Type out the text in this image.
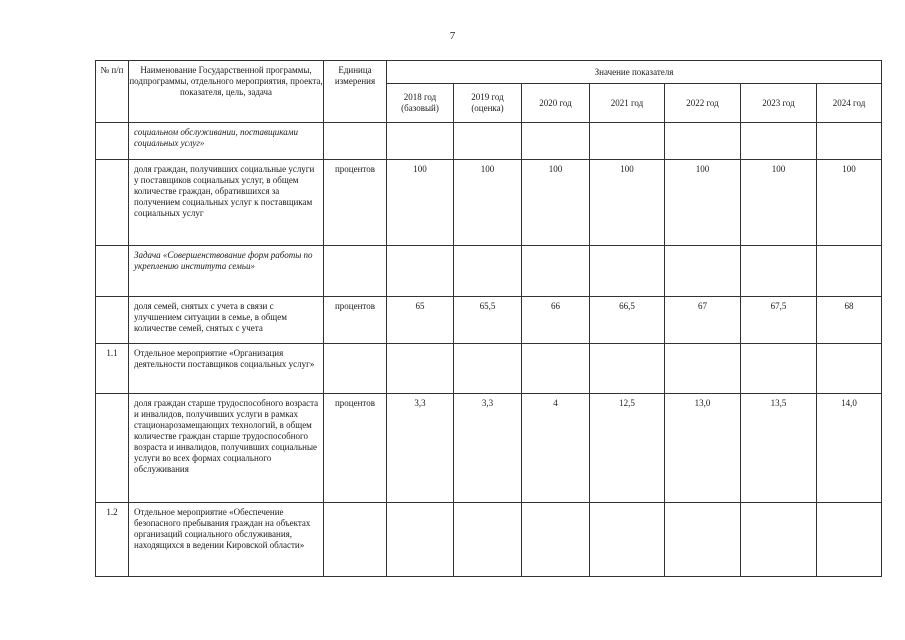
7
№ п/п	Наименование Государственной программы, подпрограммы, отдельного мероприятия, проекта, показателя, цель, задача	Единица измерения	Значение показателя						
			2018 год (базовый)	2019 год (оценка)	2020 год	2021 год	2022 год	2023 год	2024 год
	социальном обслуживании, поставщиками социальных услуг»								
	доля граждан, получивших социальные услуги у поставщиков социальных услуг, в общем количестве граждан, обратившихся за получением социальных услуг к поставщикам социальных услуг	процентов	100	100	100	100	100	100	100
	Задача «Совершенствование форм работы по укреплению института семьи»								
	доля семей, снятых с учета в связи с улучшением ситуации в семье, в общем количестве семей, снятых с учета	процентов	65	65,5	66	66,5	67	67,5	68
1.1	Отдельное мероприятие «Организация деятельности поставщиков социальных услуг»								
	доля граждан старше трудоспособного возраста и инвалидов, получивших услуги в рамках стационарозамещающих технологий, в общем количестве граждан старше трудоспособного возраста и инвалидов, получивших социальные услуги во всех формах социального обслуживания	процентов	3,3	3,3	4	12,5	13,0	13,5	14,0
1.2	Отдельное мероприятие «Обеспечение безопасного пребывания граждан на объектах организаций социального обслуживания, находящихся в ведении Кировской области»								
